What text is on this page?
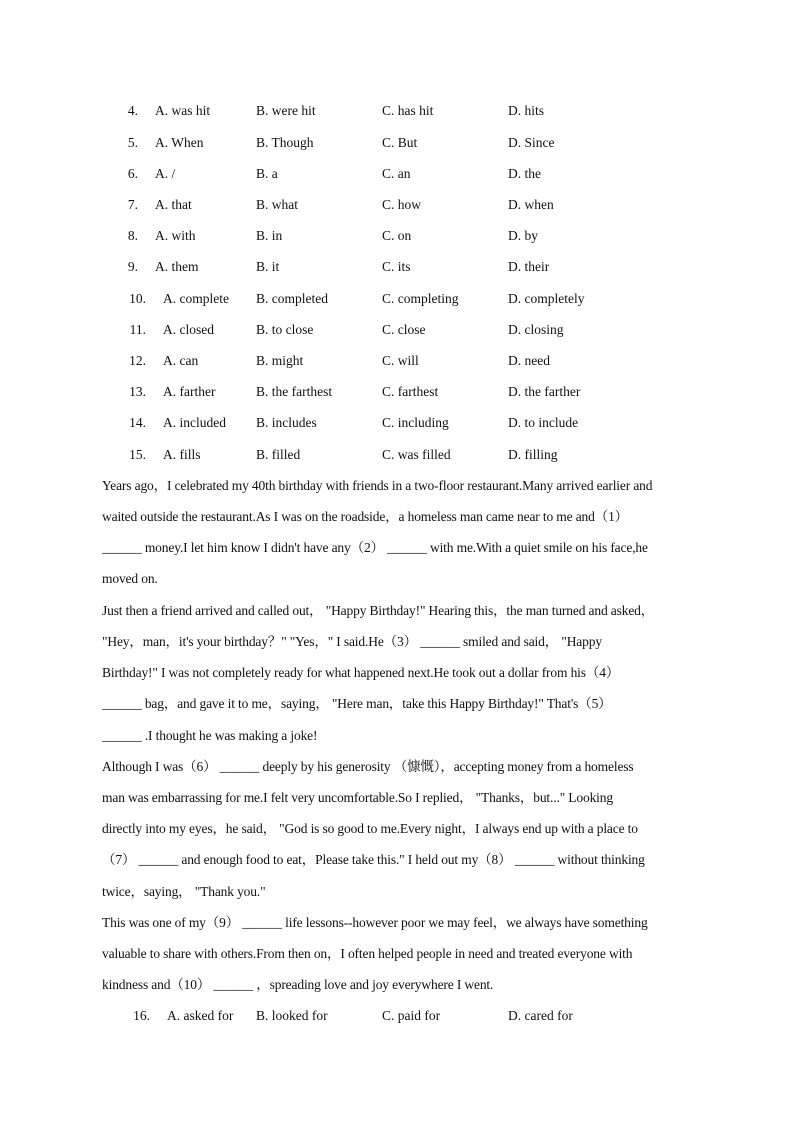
4. A. was hit	B. were hit	C. has hit	D. hits
5. A. When	B. Though	C. But	D. Since
6. A. /	B. a	C. an	D. the
7. A. that	B. what	C. how	D. when
8. A. with	B. in	C. on	D. by
9. A. them	B. it	C. its	D. their
10. A. complete B. completed	C. completing	D. completely
11. A. closed	B. to close	C. close	D. closing
12. A. can	B. might	C. will	D. need
13. A. farther	B. the farthest	C. farthest	D. the farther
14. A. included B. includes	C. including	D. to include
15. A. fills	B. filled	C. was filled	D. filling
Years ago，I celebrated my 40th birthday with friends in a two-floor restaurant.Many arrived earlier and
waited outside the restaurant.As I was on the roadside，a homeless man came near to me and（1）
______ money.I let him know I didn't have any（2） ______ with me.With a quiet smile on his face,he
moved on.
Just then a friend arrived and called out， "Happy Birthday!" Hearing this，the man turned and asked，
"Hey，man，it's your birthday？" "Yes，" I said.He（3） ______ smiled and said， "Happy
Birthday!" I was not completely ready for what happened next.He took out a dollar from his（4）
______ bag，and gave it to me，saying， "Here man，take this Happy Birthday!" That's（5）
______ .I thought he was making a joke!
Although I was（6） ______ deeply by his generosity （慷慨），accepting money from a homeless
man was embarrassing for me.I felt very uncomfortable.So I replied， "Thanks，but..." Looking
directly into my eyes，he said， "God is so good to me.Every night，I always end up with a place to
（7） ______ and enough food to eat，Please take this." I held out my（8） ______ without thinking
twice，saying， "Thank you."
This was one of my（9） ______ life lessons--however poor we may feel，we always have something
valuable to share with others.From then on，I often helped people in need and treated everyone with
kindness and（10） ______ ，spreading love and joy everywhere I went.
16. A. asked for B. looked for	C. paid for	D. cared for
